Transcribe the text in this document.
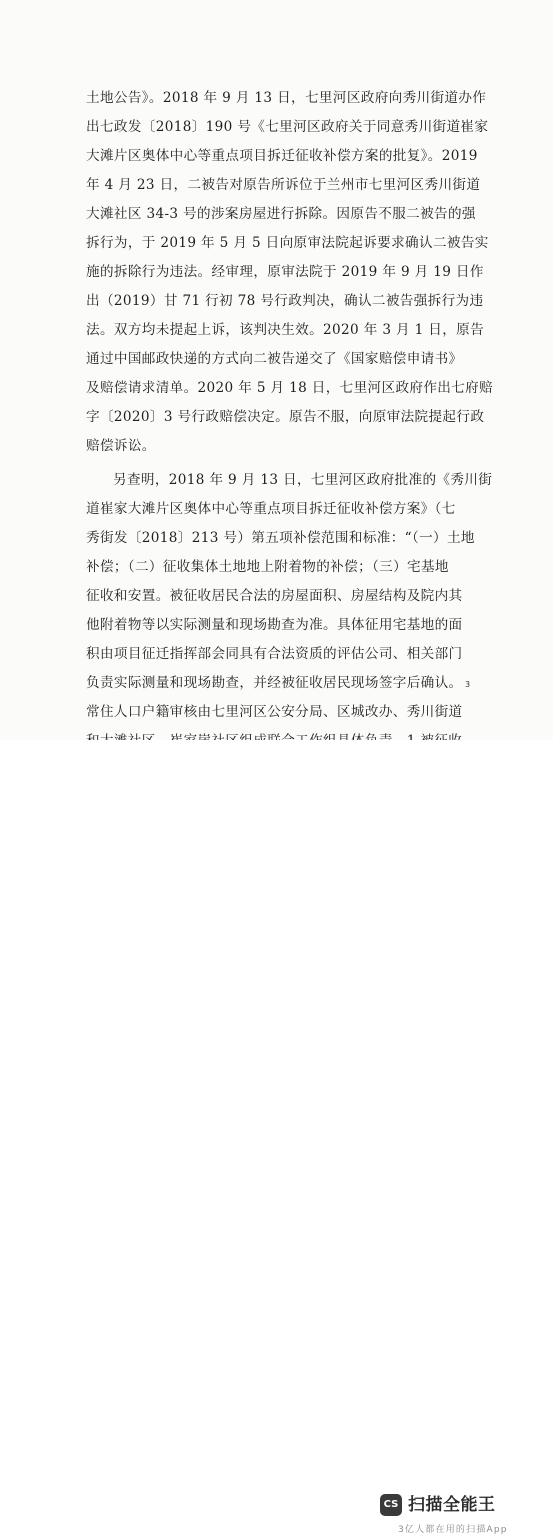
土地公告》。2018 年 9 月 13 日，七里河区政府向秀川街道办作
出七政发〔2018〕190 号《七里河区政府关于同意秀川街道崔家
大滩片区奥体中心等重点项目拆迁征收补偿方案的批复》。2019
年 4 月 23 日，二被告对原告所诉位于兰州市七里河区秀川街道
大滩社区 34-3 号的涉案房屋进行拆除。因原告不服二被告的强
拆行为，于 2019 年 5 月 5 日向原审法院起诉要求确认二被告实
施的拆除行为违法。经审理，原审法院于 2019 年 9 月 19 日作
出（2019）甘 71 行初 78 号行政判决，确认二被告强拆行为违
法。双方均未提起上诉，该判决生效。2020 年 3 月 1 日，原告
通过中国邮政快递的方式向二被告递交了《国家赔偿申请书》
及赔偿请求清单。2020 年 5 月 18 日，七里河区政府作出七府赔
字〔2020〕3 号行政赔偿决定。原告不服，向原审法院提起行政
赔偿诉讼。
另查明，2018 年 9 月 13 日，七里河区政府批准的《秀川街
道崔家大滩片区奥体中心等重点项目拆迁征收补偿方案》（七
秀街发〔2018〕213 号）第五项补偿范围和标准：“（一）土地
补偿；（二）征收集体土地地上附着物的补偿；（三）宅基地
征收和安置。被征收居民合法的房屋面积、房屋结构及院内其
他附着物等以实际测量和现场勘查为准。具体征用宅基地的面
积由项目征迁指挥部会同具有合法资质的评估公司、相关部门
负责实际测量和现场勘查，并经被征收居民现场签字后确认。
常住人口户籍审核由七里河区公安分局、区城改办、秀川街道
3
CS 扫描全能王
3亿人都在用的扫描App
